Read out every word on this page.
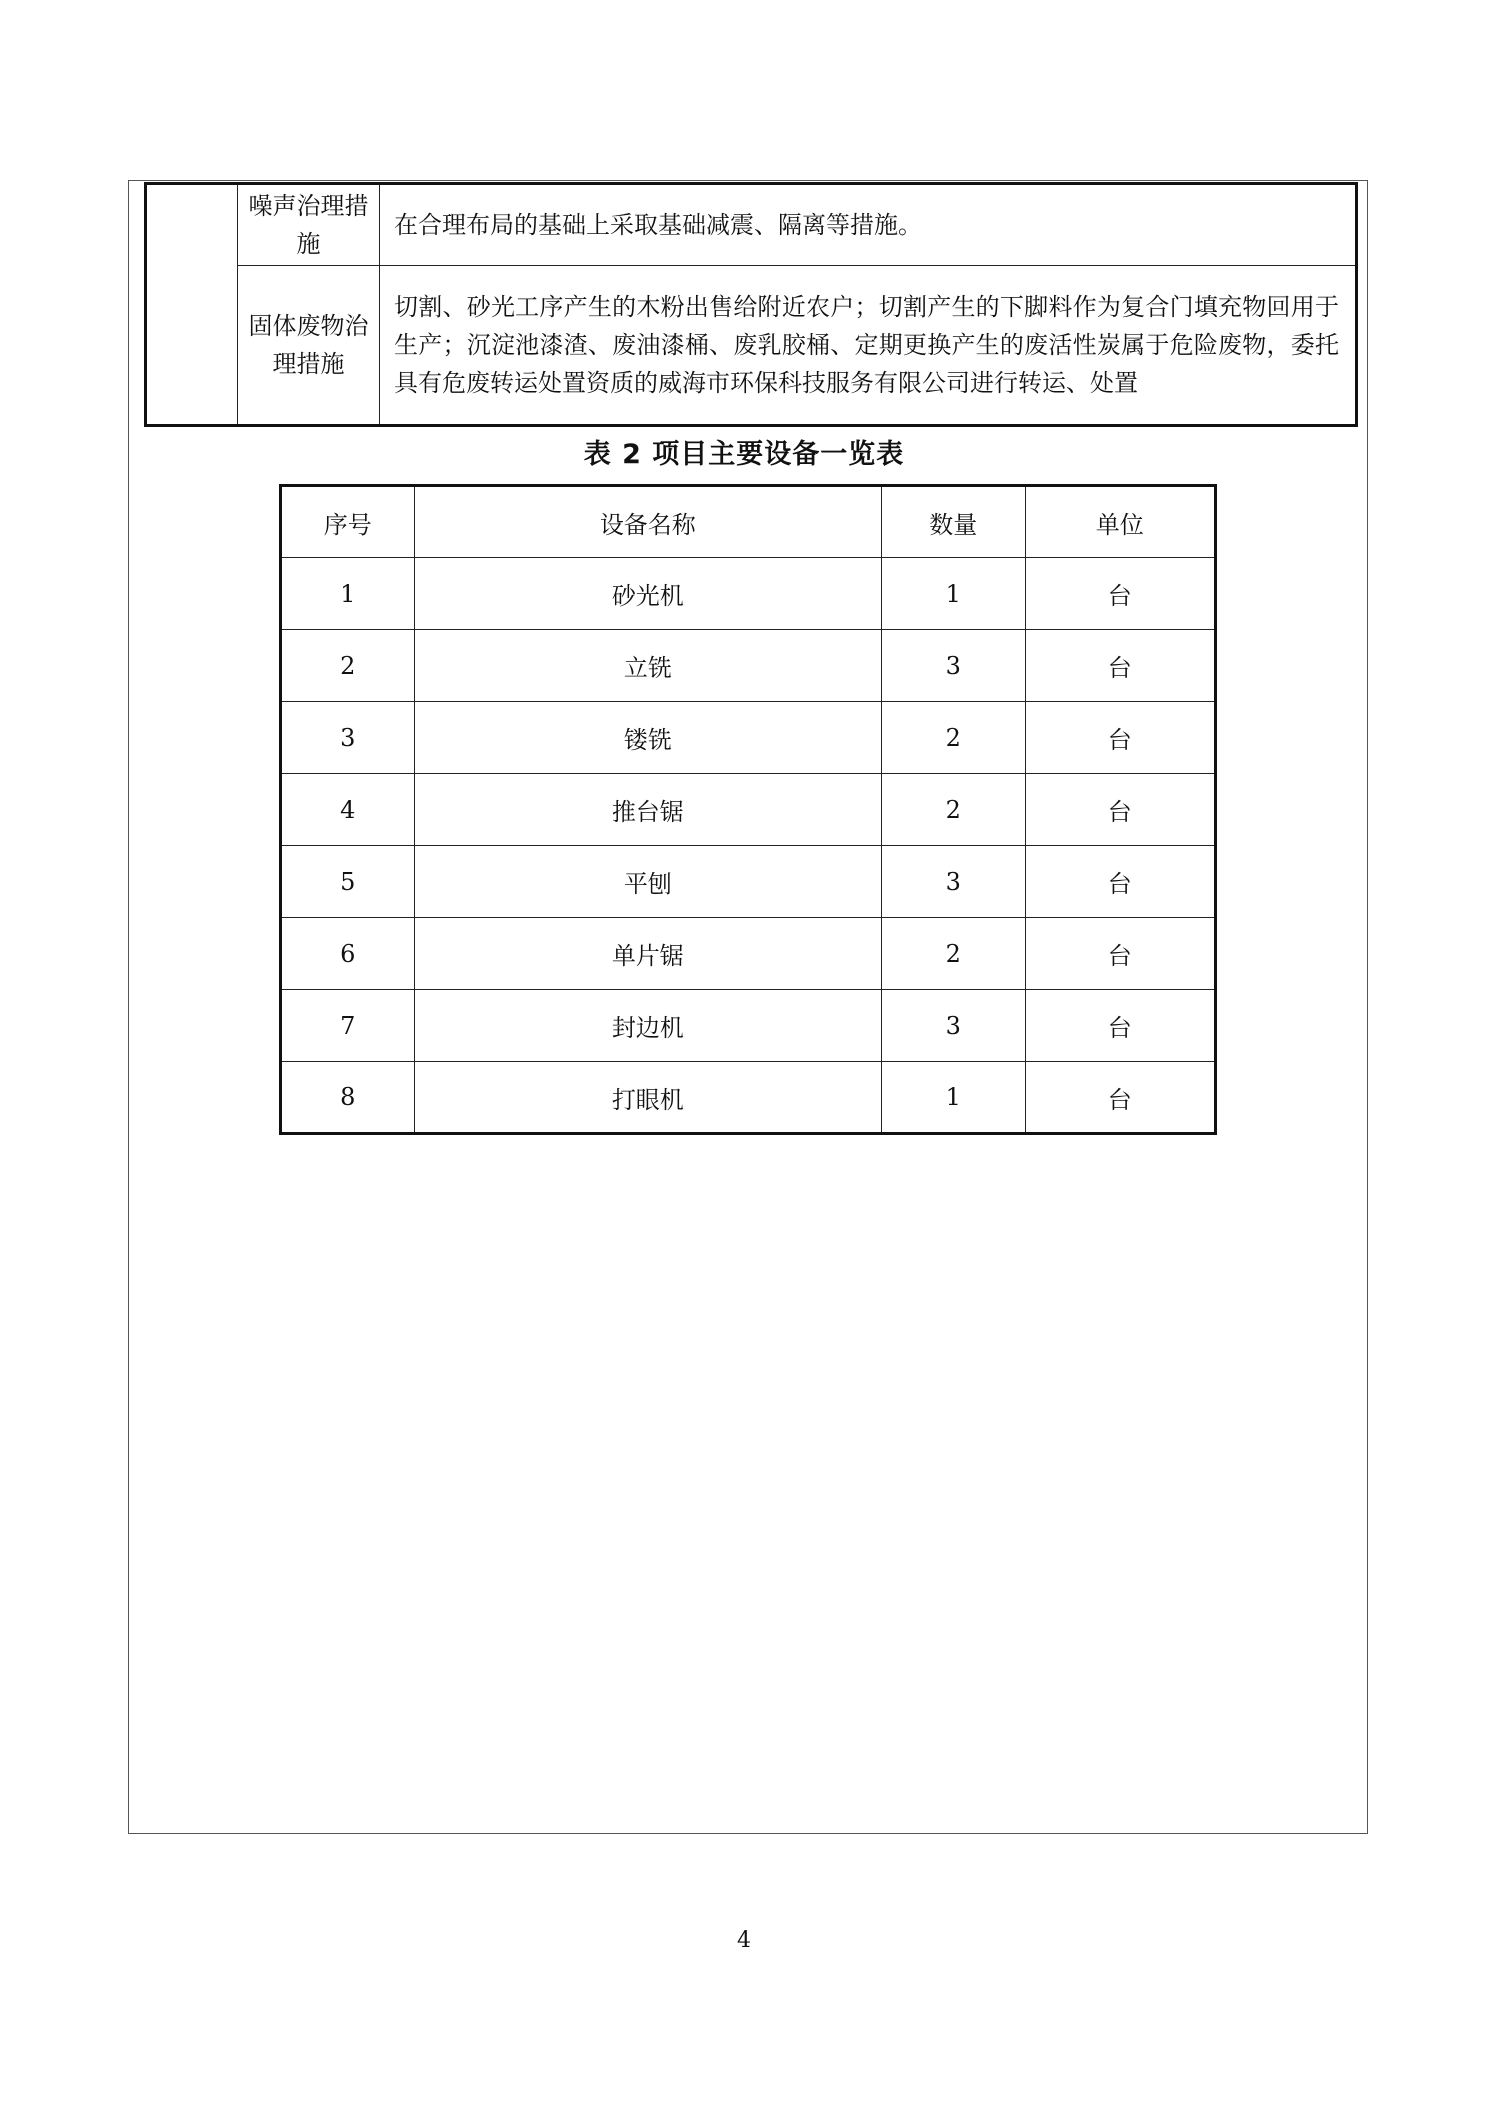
	噪声治理措施	在合理布局的基础上采取基础减震、隔离等措施。
	固体废物治理措施	切割、砂光工序产生的木粉出售给附近农户；切割产生的下脚料作为复合门填充物回用于生产；沉淀池漆渣、废油漆桶、废乳胶桶、定期更换产生的废活性炭属于危险废物，委托具有危废转运处置资质的威海市环保科技服务有限公司进行转运、处置
表 2 项目主要设备一览表
序号	设备名称	数量	单位
1	砂光机	1	台
2	立铣	3	台
3	镂铣	2	台
4	推台锯	2	台
5	平刨	3	台
6	单片锯	2	台
7	封边机	3	台
8	打眼机	1	台
4
